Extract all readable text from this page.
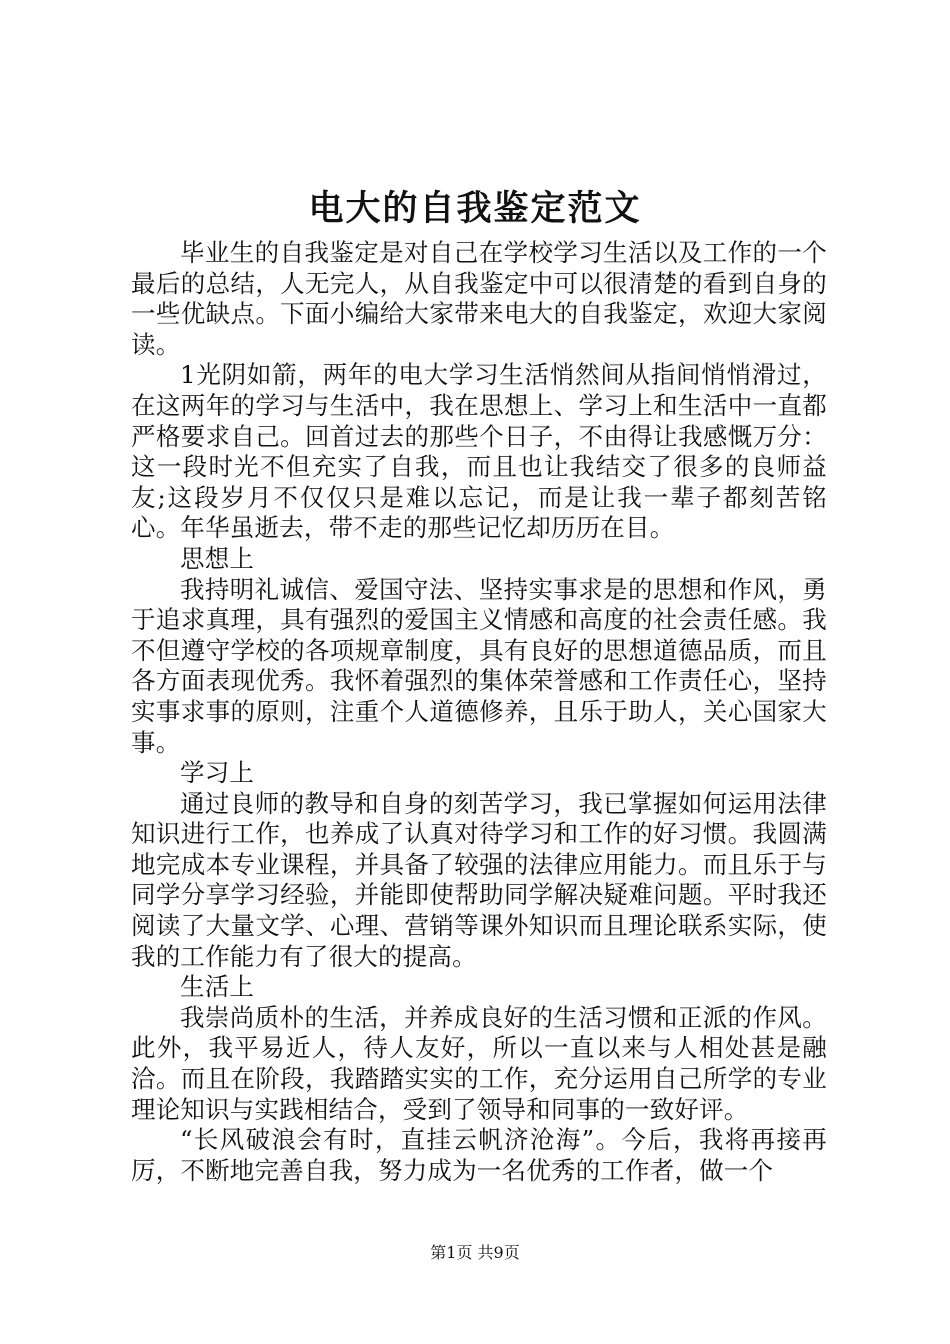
电大的自我鉴定范文

毕业生的自我鉴定是对自己在学校学习生活以及工作的一个最后的总结，人无完人，从自我鉴定中可以很清楚的看到自身的一些优缺点。下面小编给大家带来电大的自我鉴定，欢迎大家阅读。

1光阴如箭，两年的电大学习生活悄然间从指间悄悄滑过，在这两年的学习与生活中，我在思想上、学习上和生活中一直都严格要求自己。回首过去的那些个日子，不由得让我感慨万分：这一段时光不但充实了自我，而且也让我结交了很多的良师益友;这段岁月不仅仅只是难以忘记，而是让我一辈子都刻苦铭心。年华虽逝去，带不走的那些记忆却历历在目。

思想上

我持明礼诚信、爱国守法、坚持实事求是的思想和作风，勇于追求真理，具有强烈的爱国主义情感和高度的社会责任感。我不但遵守学校的各项规章制度，具有良好的思想道德品质，而且各方面表现优秀。我怀着强烈的集体荣誉感和工作责任心，坚持实事求事的原则，注重个人道德修养，且乐于助人，关心国家大事。

学习上

通过良师的教导和自身的刻苦学习，我已掌握如何运用法律知识进行工作，也养成了认真对待学习和工作的好习惯。我圆满地完成本专业课程，并具备了较强的法律应用能力。而且乐于与同学分享学习经验，并能即使帮助同学解决疑难问题。平时我还阅读了大量文学、心理、营销等课外知识而且理论联系实际，使我的工作能力有了很大的提高。

生活上

我崇尚质朴的生活，并养成良好的生活习惯和正派的作风。此外，我平易近人，待人友好，所以一直以来与人相处甚是融洽。而且在阶段，我踏踏实实的工作，充分运用自己所学的专业理论知识与实践相结合，受到了领导和同事的一致好评。

“长风破浪会有时，直挂云帆济沧海”。今后，我将再接再厉，不断地完善自我，努力成为一名优秀的工作者，做一个

第1页 共9页
